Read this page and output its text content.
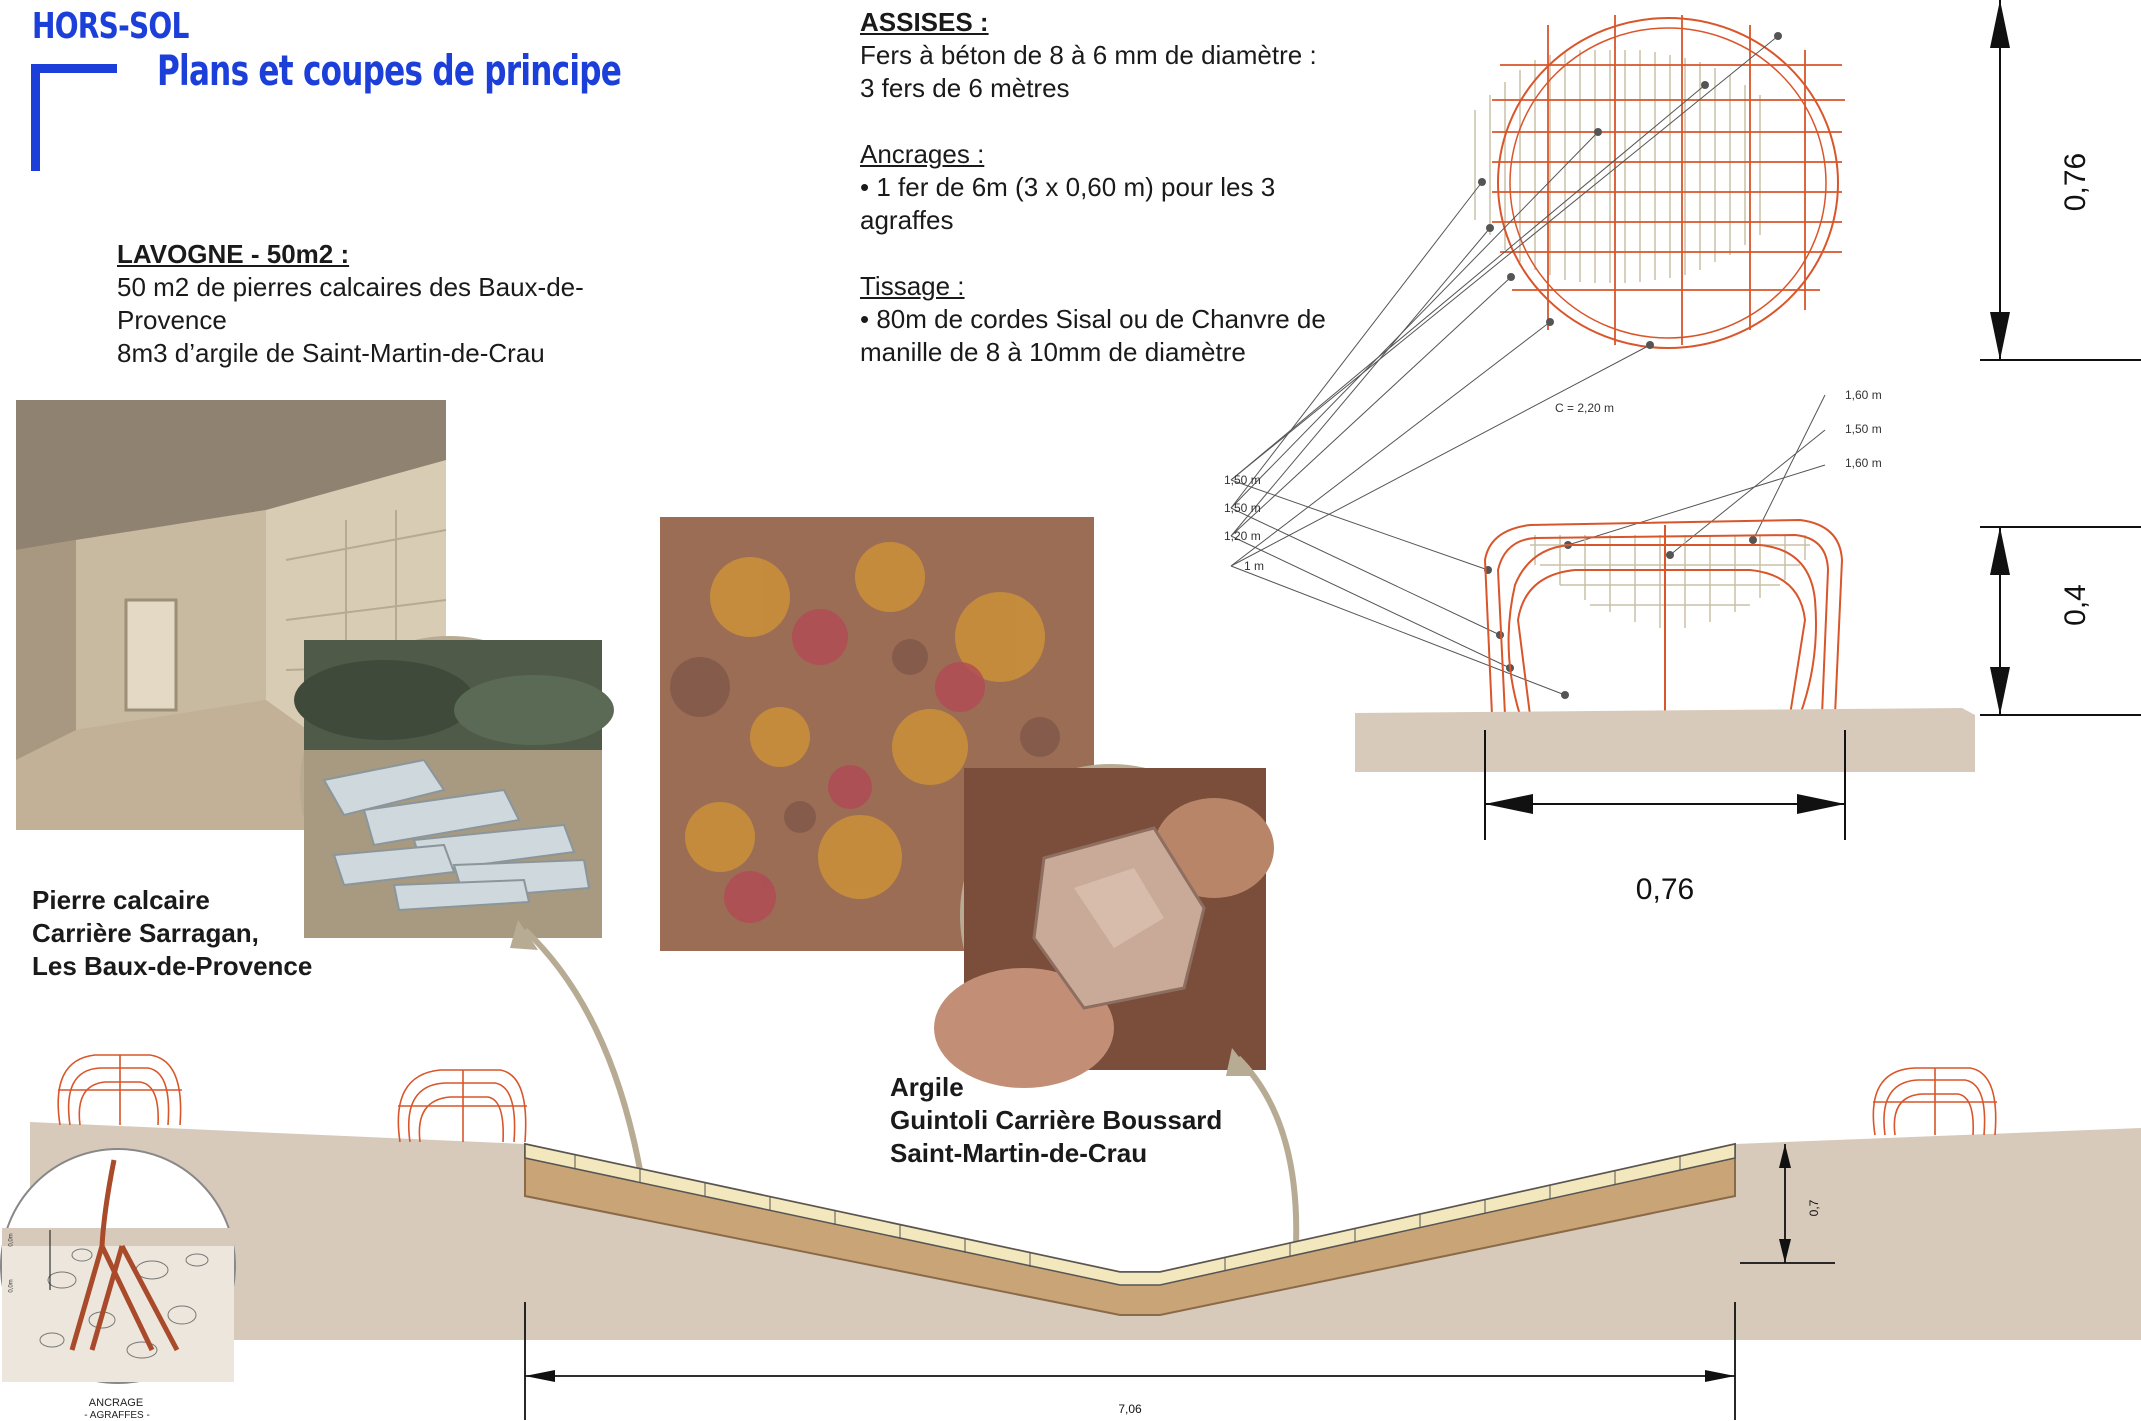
HORS-SOL
Plans et coupes de principe
LAVOGNE - 50m2 :

50 m2 de pierres calcaires des Baux-de-

Provence

8m3 d’argile de Saint-Martin-de-Crau

ASSISES :

Fers à béton de 8 à 6 mm de diamètre :

3 fers de 6 mètres

Ancrages :

• 1 fer de 6m (3 x 0,60 m) pour les 3

agraffes

Tissage :

• 80m de cordes Sisal ou de Chanvre de

manille de 8 à 10mm de diamètre

Pierre calcaire

Carrière Sarragan,

Les Baux-de-Provence

Argile

Guintoli Carrière Boussard

Saint-Martin-de-Crau

0,76
0,4
0,76
C = 2,20 m
1,50 m
1,50 m
1,20 m
1 m
1,60 m
1,50 m
1,60 m
7,06
0,7
0,0m
0,0m
ANCRAGE
- AGRAFFES -
